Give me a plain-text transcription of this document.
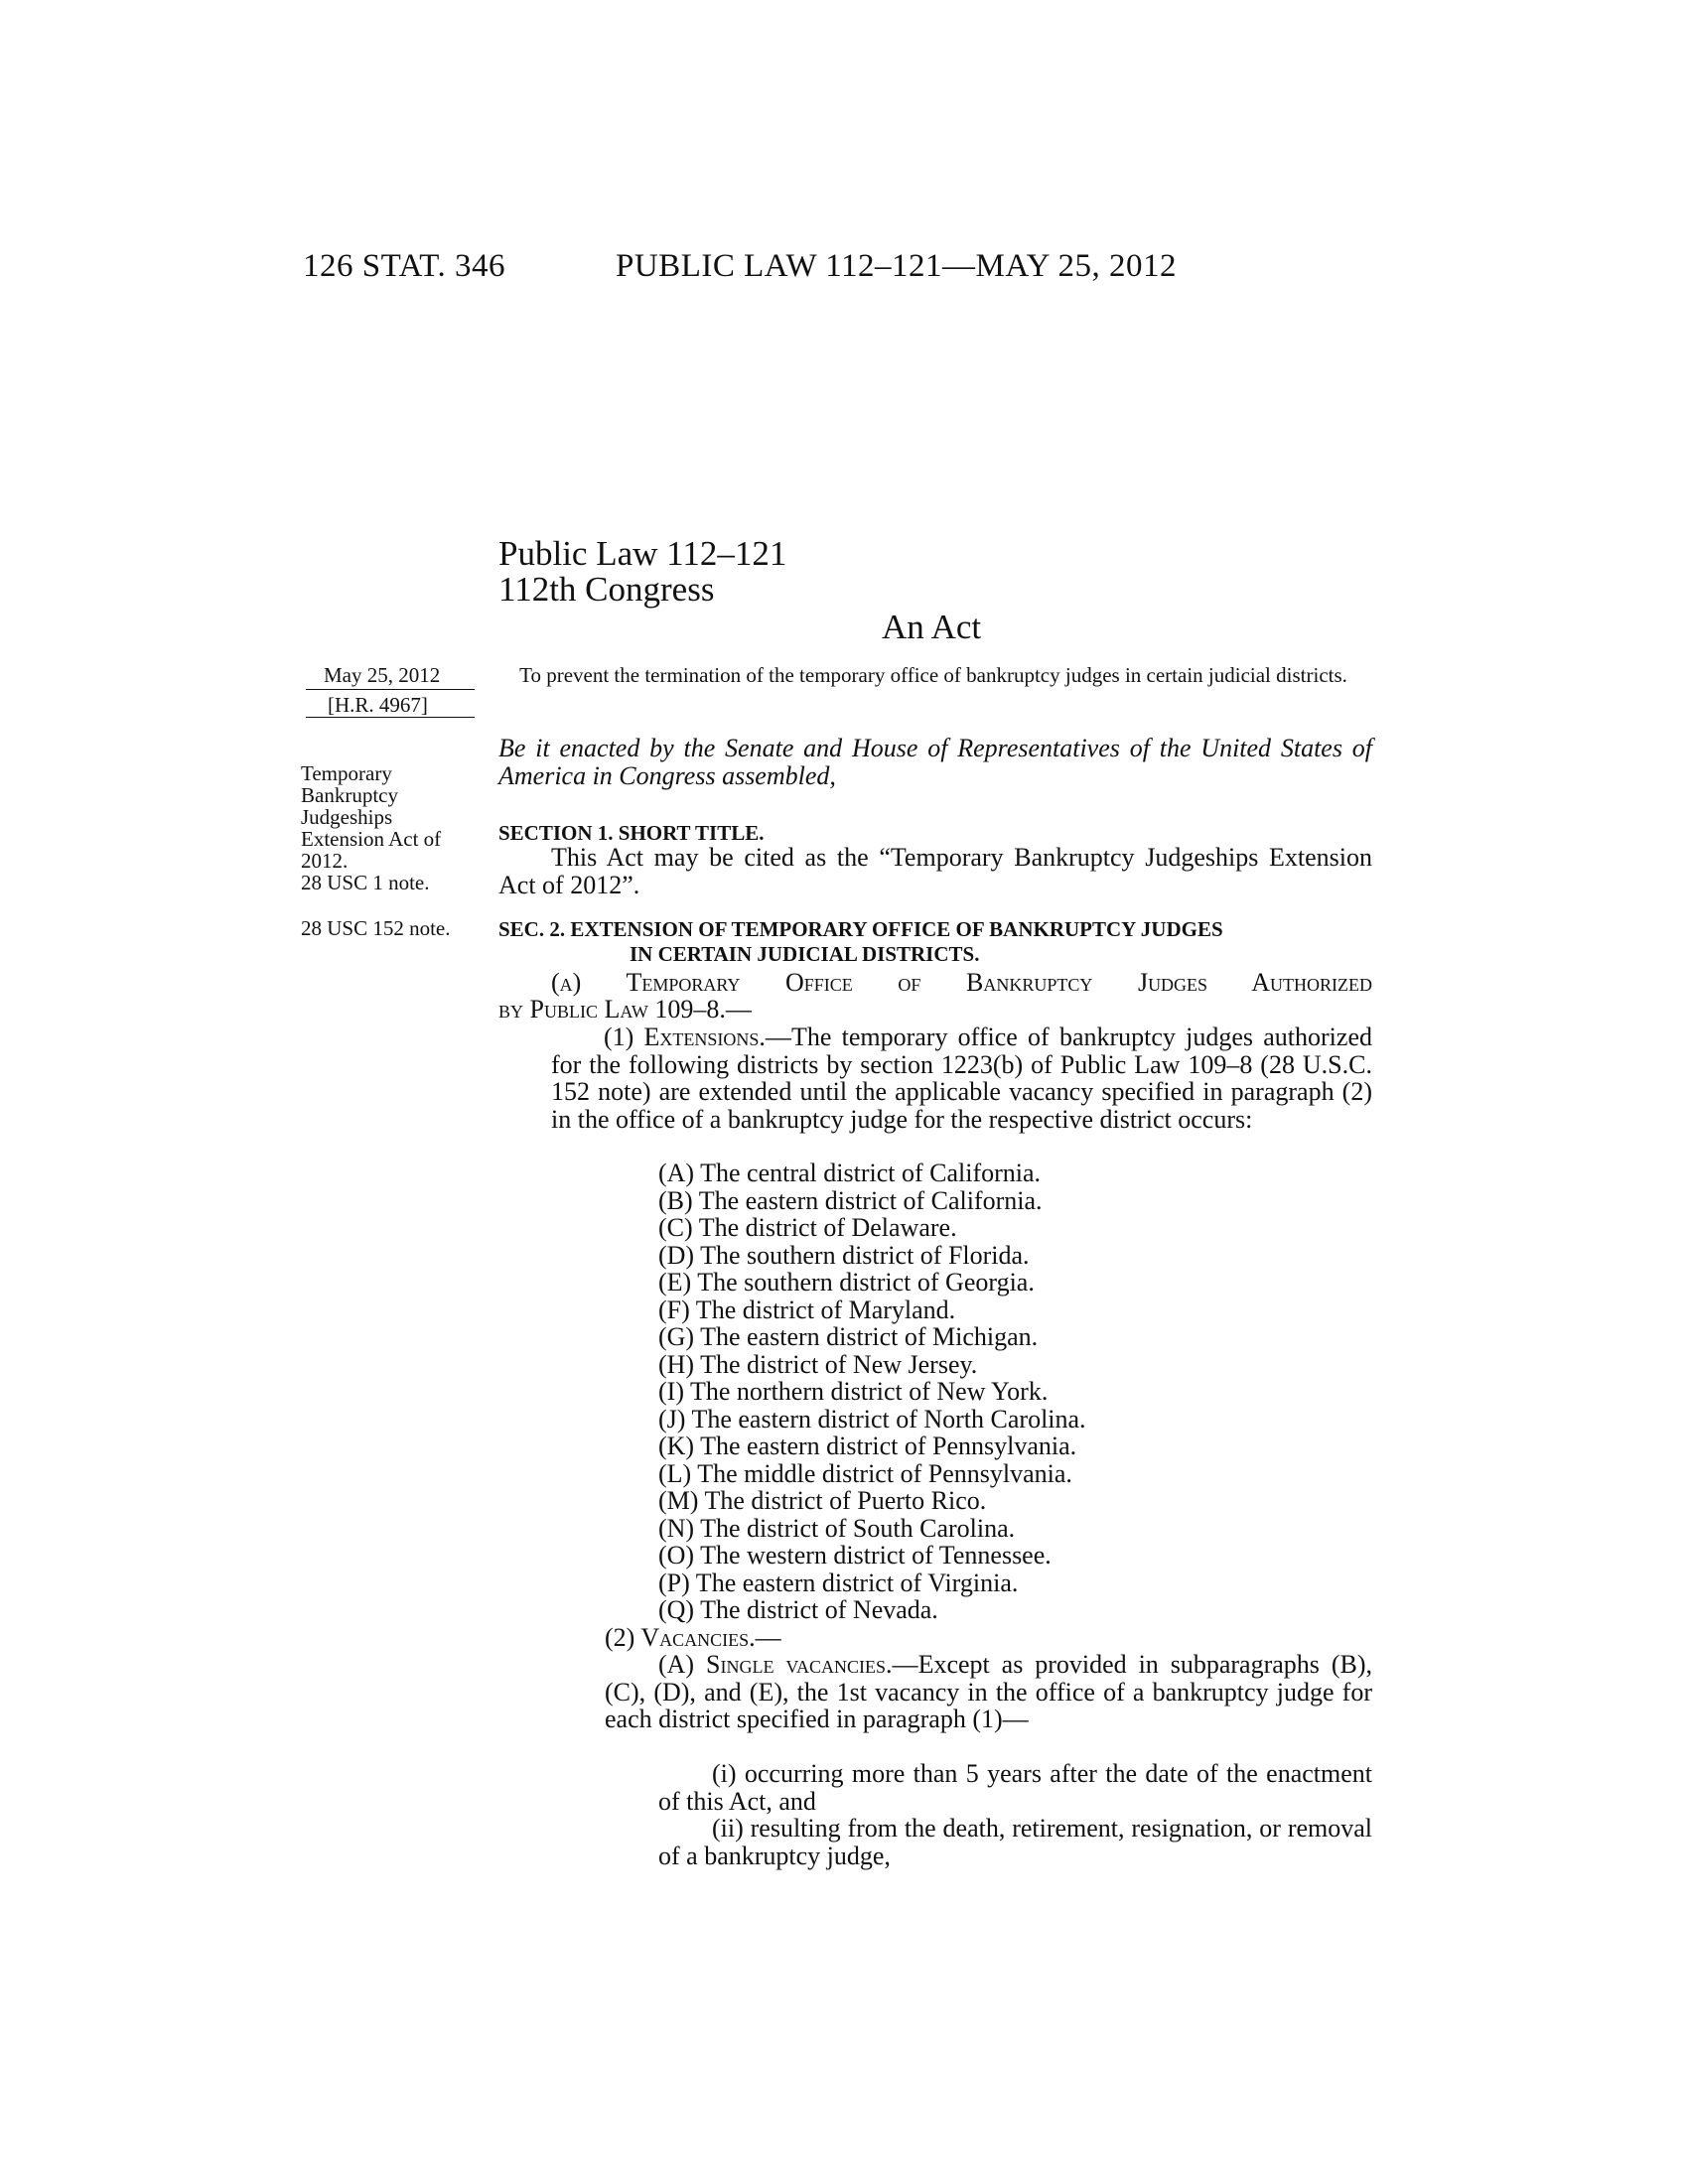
126 STAT. 346	PUBLIC LAW 112–121—MAY 25, 2012
Public Law 112–121
112th Congress
An Act
May 25, 2012
[H.R. 4967]
To prevent the termination of the temporary office of bankruptcy judges in certain judicial districts.
Temporary
Bankruptcy
Judgeships
Extension Act of
2012.
28 USC 1 note.
28 USC 152 note.
Be it enacted by the Senate and House of Representatives of the United States of America in Congress assembled,
SECTION 1. SHORT TITLE.
This Act may be cited as the “Temporary Bankruptcy Judgeships Extension Act of 2012”.
SEC. 2. EXTENSION OF TEMPORARY OFFICE OF BANKRUPTCY JUDGES
IN CERTAIN JUDICIAL DISTRICTS.
(a) Temporary Office of Bankruptcy Judges Authorized
by Public Law 109–8.—
(1) Extensions.—The temporary office of bankruptcy judges authorized for the following districts by section 1223(b) of Public Law 109–8 (28 U.S.C. 152 note) are extended until the applicable vacancy specified in paragraph (2) in the office of a bankruptcy judge for the respective district occurs:
(A) The central district of California.
(B) The eastern district of California.
(C) The district of Delaware.
(D) The southern district of Florida.
(E) The southern district of Georgia.
(F) The district of Maryland.
(G) The eastern district of Michigan.
(H) The district of New Jersey.
(I) The northern district of New York.
(J) The eastern district of North Carolina.
(K) The eastern district of Pennsylvania.
(L) The middle district of Pennsylvania.
(M) The district of Puerto Rico.
(N) The district of South Carolina.
(O) The western district of Tennessee.
(P) The eastern district of Virginia.
(Q) The district of Nevada.
(2) Vacancies.—
(A) Single vacancies.—Except as provided in subparagraphs (B), (C), (D), and (E), the 1st vacancy in the office of a bankruptcy judge for each district specified in paragraph (1)—
(i) occurring more than 5 years after the date of the enactment of this Act, and
(ii) resulting from the death, retirement, resignation, or removal of a bankruptcy judge,
